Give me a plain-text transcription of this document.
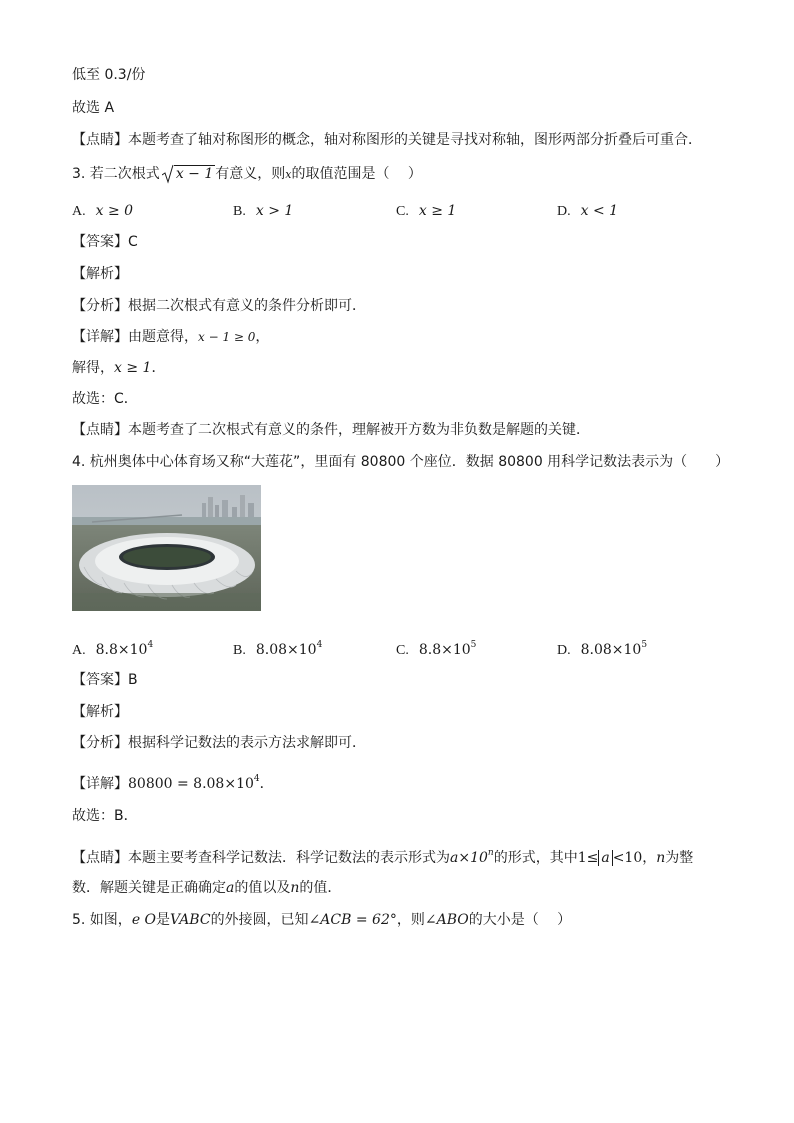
低至 0.3/份
故选 A
【点睛】本题考查了轴对称图形的概念，轴对称图形的关键是寻找对称轴，图形两部分折叠后可重合．
3. 若二次根式 x − 1 有意义，则x的取值范围是（　 ）
A. x ≥ 0	B. x > 1	C. x ≥ 1	D. x < 1
【答案】C
【解析】
【分析】根据二次根式有意义的条件分析即可．
【详解】由题意得，x − 1 ≥ 0，
解得，x ≥ 1．
故选：C．
【点睛】本题考查了二次根式有意义的条件，理解被开方数为非负数是解题的关键．
4. 杭州奥体中心体育场又称“大莲花”，里面有 80800 个座位．数据 80800 用科学记数法表示为（　　）
A. $8.8\times 10^4$	B. $8.08\times 10^4$	C. $8.8\times 10^5$	D. $8.08\times 10^5$
【答案】B
【解析】
【分析】根据科学记数法的表示方法求解即可．
【详解】$80800 = 8.08\times 10^4$．
故选：B．
【点睛】本题主要考查科学记数法．科学记数法的表示形式为$a\times 10^n$的形式，其中1≤ a <10，n为整
数．解题关键是正确确定a的值以及n的值．
5. 如图，e O是VABC的外接圆，已知∠ACB = 62°，则∠ABO的大小是（　 ）
